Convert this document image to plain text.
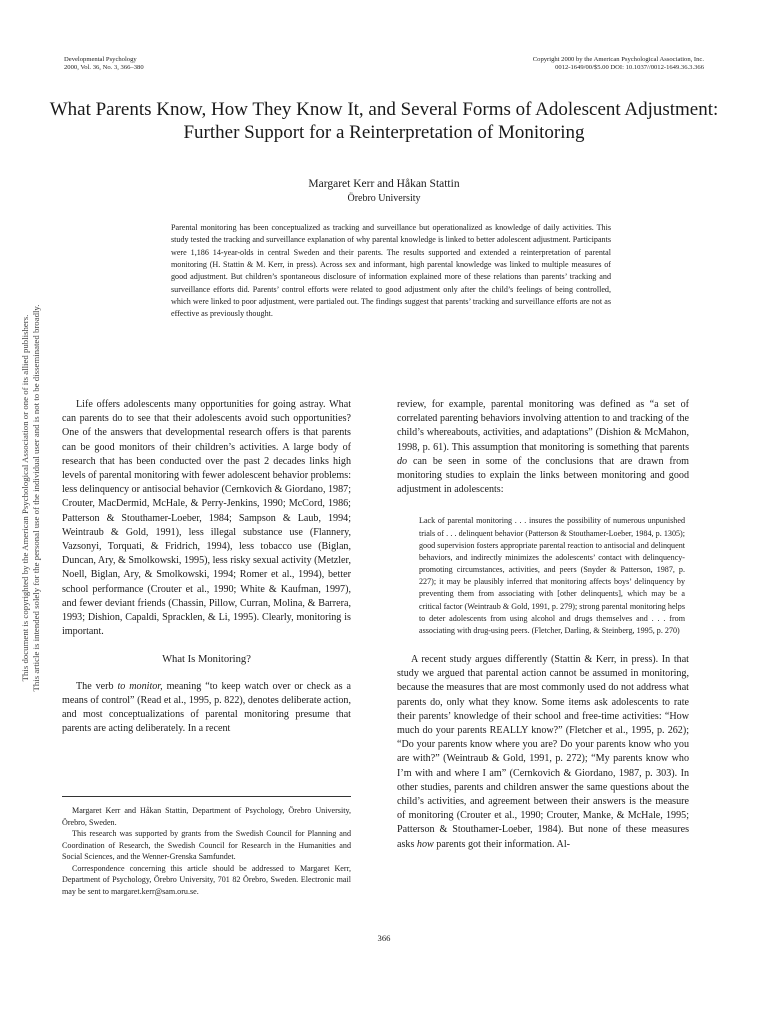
Developmental Psychology
2000, Vol. 36, No. 3, 366–380
Copyright 2000 by the American Psychological Association, Inc.
0012-1649/00/$5.00 DOI: 10.1037//0012-1649.36.3.366
What Parents Know, How They Know It, and Several Forms of Adolescent Adjustment: Further Support for a Reinterpretation of Monitoring
Margaret Kerr and Håkan Stattin
Örebro University

Parental monitoring has been conceptualized as tracking and surveillance but operationalized as knowledge of daily activities. This study tested the tracking and surveillance explanation of why parental knowledge is linked to better adolescent adjustment. Participants were 1,186 14-year-olds in central Sweden and their parents. The results supported and extended a reinterpretation of parental monitoring (H. Stattin & M. Kerr, in press). Across sex and informant, high parental knowledge was linked to multiple measures of good adjustment. But children’s spontaneous disclosure of information explained more of these relations than parents’ tracking and surveillance efforts did. Parents’ control efforts were related to good adjustment only after the child’s feelings of being controlled, which were linked to poor adjustment, were partialed out. The findings suggest that parents’ tracking and surveillance efforts are not as effective as previously thought.

This document is copyrighted by the American Psychological Association or one of its allied publishers. This article is intended solely for the personal use of the individual user and is not to be disseminated broadly.	Life offers adolescents many opportunities for going astray. What can parents do to see that their adolescents avoid such opportunities? One of the answers that developmental research offers is that parents can be good monitors of their children’s activities. A large body of research that has been conducted over the past 2 decades links high levels of parental monitoring with fewer adolescent behavior problems: less delinquency or antisocial behavior (Cernkovich & Giordano, 1987; Crouter, MacDermid, McHale, & Perry-Jenkins, 1990; McCord, 1986; Patterson & Stouthamer-Loeber, 1984; Sampson & Laub, 1994; Weintraub & Gold, 1991), less illegal substance use (Flannery, Vazsonyi, Torquati, & Fridrich, 1994), less tobacco use (Biglan, Duncan, Ary, & Smolkowski, 1995), less risky sexual activity (Metzler, Noell, Biglan, Ary, & Smolkowski, 1994; Romer et al., 1994), better school performance (Crouter et al., 1990; White & Kaufman, 1997), and fewer deviant friends (Chassin, Pillow, Curran, Molina, & Barrera, 1993; Dishion, Capaldi, Spracklen, & Li, 1995). Clearly, monitoring is important.

What Is Monitoring?

The verb to monitor, meaning “to keep watch over or check as a means of control” (Read et al., 1995, p. 822), denotes deliberate action, and most conceptualizations of parental monitoring presume that parents are acting deliberately. In a recent

review, for example, parental monitoring was defined as “a set of correlated parenting behaviors involving attention to and tracking of the child’s whereabouts, activities, and adaptations” (Dishion & McMahon, 1998, p. 61). This assumption that monitoring is something that parents do can be seen in some of the conclusions that are drawn from monitoring studies to explain the links between monitoring and good adjustment in adolescents:

Lack of parental monitoring . . . insures the possibility of numerous unpunished trials of . . . delinquent behavior (Patterson & Stouthamer-Loeber, 1984, p. 1305); good supervision fosters appropriate parental reaction to antisocial and delinquent behaviors, and indirectly minimizes the adolescents’ contact with delinquency-promoting circumstances, activities, and peers (Snyder & Patterson, 1987, p. 227); it may be plausibly inferred that monitoring affects boys’ delinquency by preventing them from associating with [other delinquents], which may be a critical factor (Weintraub & Gold, 1991, p. 279); strong parental monitoring helps to deter adolescents from using alcohol and drugs themselves and . . . from associating with drug-using peers. (Fletcher, Darling, & Steinberg, 1995, p. 270)

A recent study argues differently (Stattin & Kerr, in press). In that study we argued that parental action cannot be assumed in monitoring, because the measures that are most commonly used do not address what parents do, only what they know. Some items ask adolescents to rate their parents’ knowledge of their school and free-time activities: “How much do your parents REALLY know?” (Fletcher et al., 1995, p. 262); “Do your parents know where you are? Do your parents know who you are with?” (Weintraub & Gold, 1991, p. 272); “My parents know who I’m with and where I am” (Cernkovich & Giordano, 1987, p. 303). In other studies, parents and children answer the same questions about the child’s activities, and agreement between their answers is the measure of monitoring (Crouter et al., 1990; Crouter, Manke, & McHale, 1995; Patterson & Stouthamer-Loeber, 1984). But none of these measures asks how parents got their information. Al-

Margaret Kerr and Håkan Stattin, Department of Psychology, Örebro University, Örebro, Sweden.

This research was supported by grants from the Swedish Council for Planning and Coordination of Research, the Swedish Council for Research in the Humanities and Social Sciences, and the Wenner-Grenska Samfundet.

Correspondence concerning this article should be addressed to Margaret Kerr, Department of Psychology, Örebro University, 701 82 Örebro, Sweden. Electronic mail may be sent to margaret.kerr@sam.oru.se.

366
